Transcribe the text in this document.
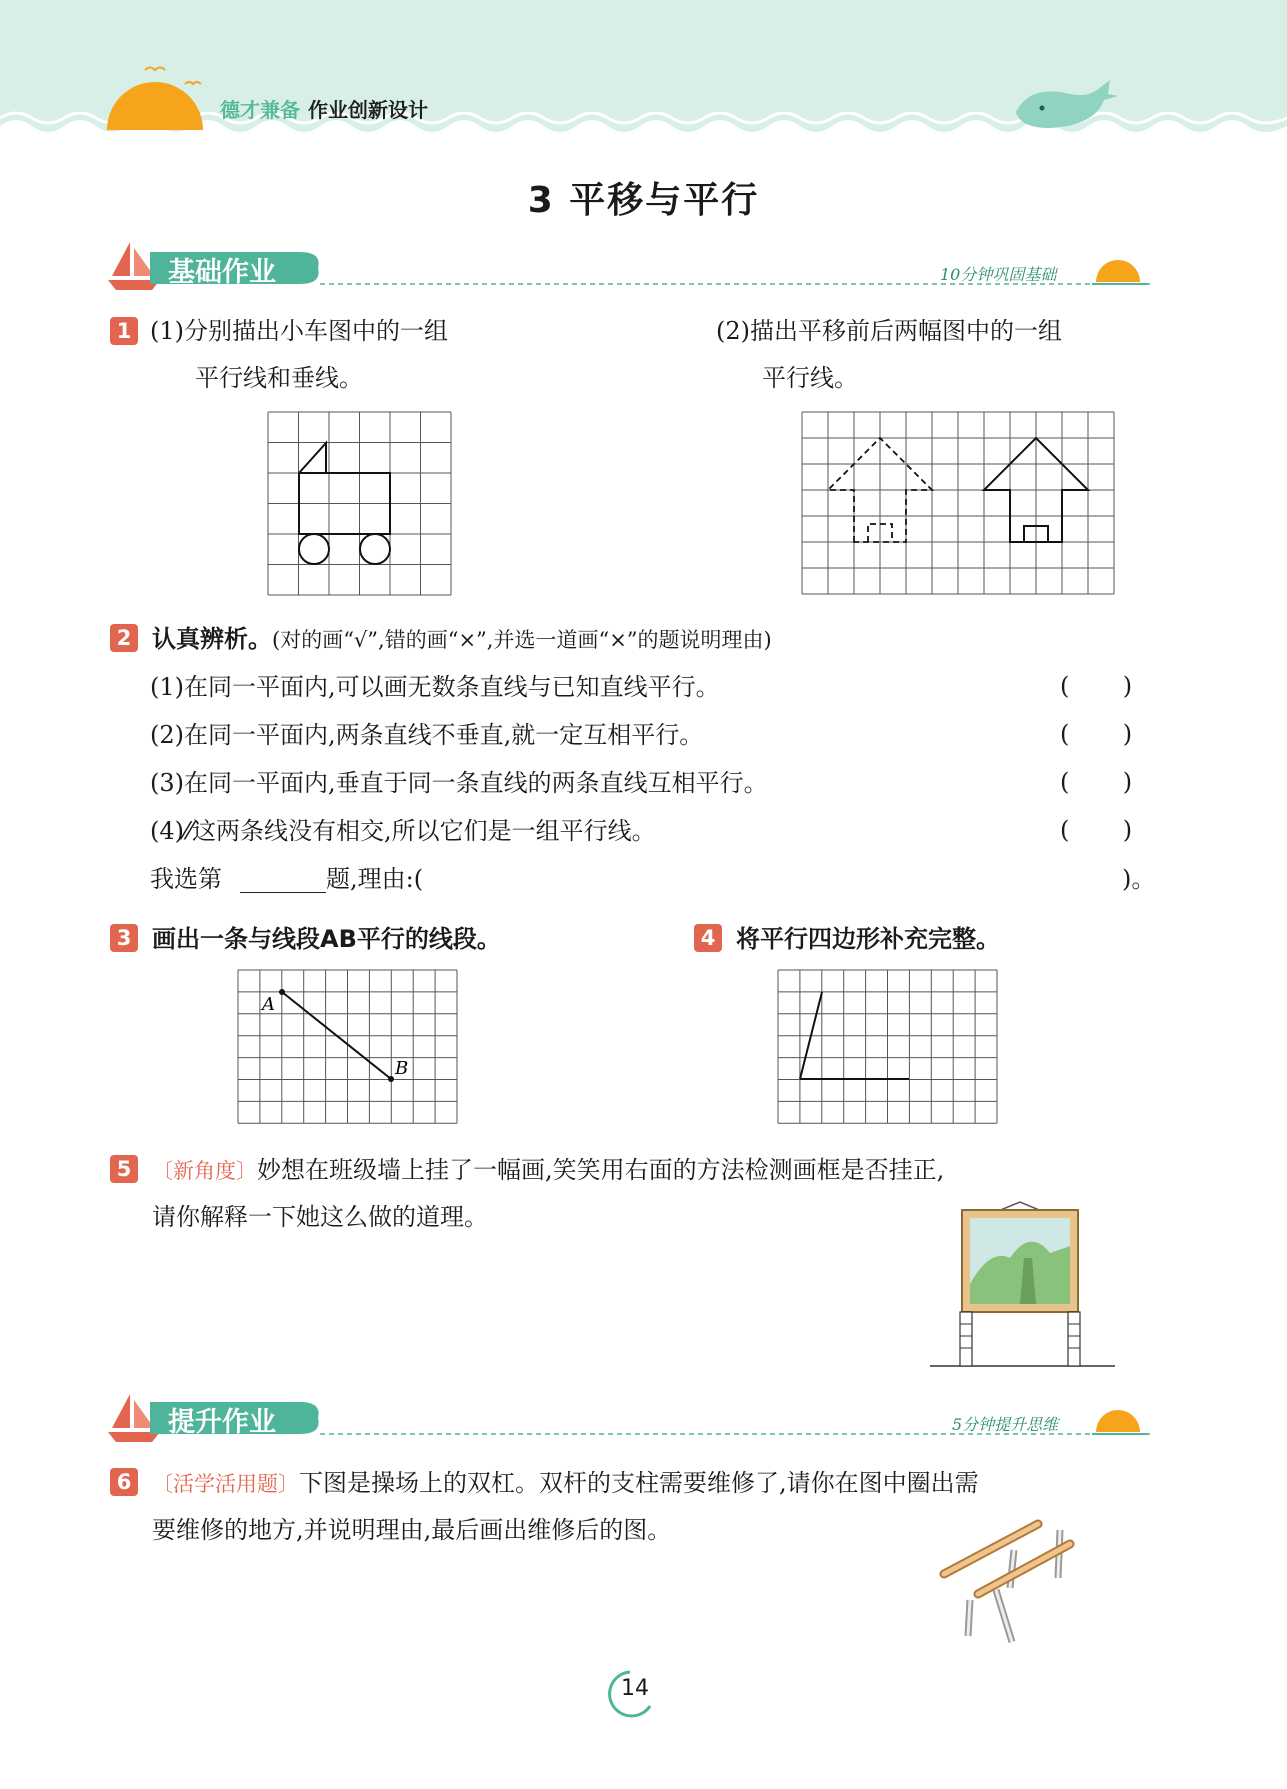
德才兼备 作业创新设计
3 平移与平行
基础作业	10分钟巩固基础
1 (1)分别描出小车图中的一组
平行线和垂线。
(2)描出平移前后两幅图中的一组
平行线。
2 认真辨析。(对的画“√”,错的画“×”,并选一道画“×”的题说明理由)
(1)在同一平面内,可以画无数条直线与已知直线平行。	(       )
(2)在同一平面内,两条直线不垂直,就一定互相平行。	(       )
(3)在同一平面内,垂直于同一条直线的两条直线互相平行。	(       )
(4)⁄⁄这两条线没有相交,所以它们是一组平行线。	(       )
我选第	题,理由:(	)。
3 画出一条与线段AB平行的线段。
A
B
4 将平行四边形补充完整。
5 〔新角度〕妙想在班级墙上挂了一幅画,笑笑用右面的方法检测画框是否挂正,
请你解释一下她这么做的道理。
提升作业	5分钟提升思维
6 〔活学活用题〕下图是操场上的双杠。双杆的支柱需要维修了,请你在图中圈出需
要维修的地方,并说明理由,最后画出维修后的图。
14
